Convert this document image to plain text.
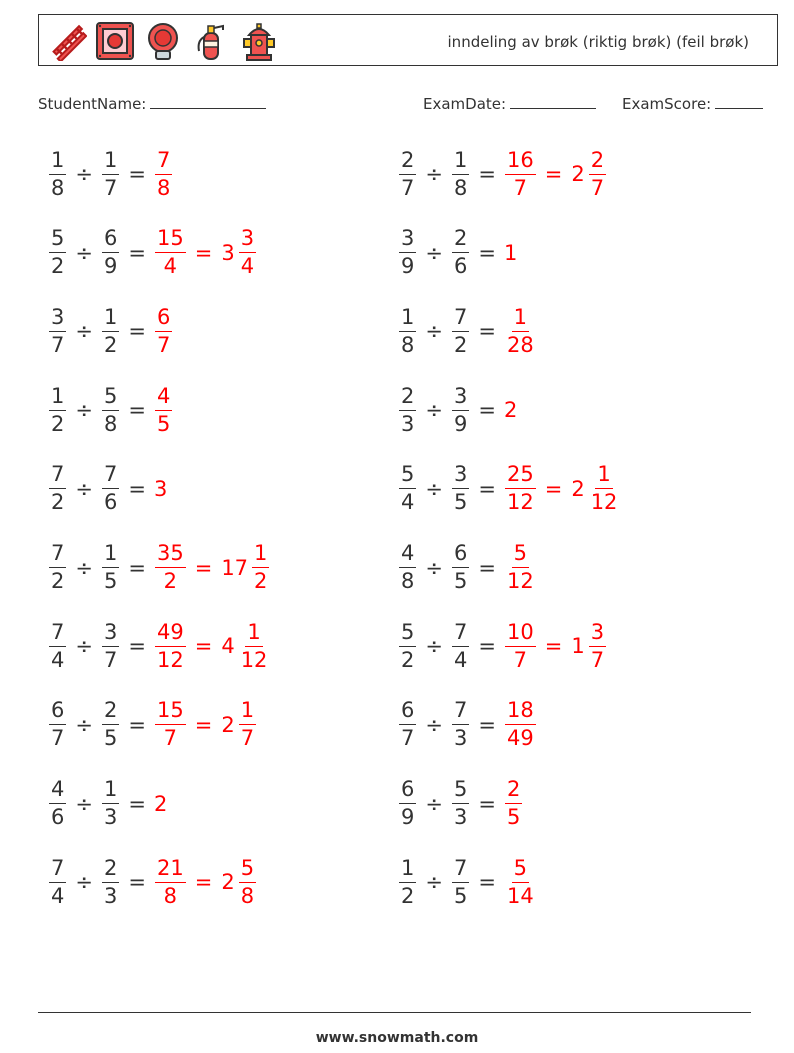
inndeling av brøk (riktig brøk) (feil brøk)
StudentName:	ExamDate:	ExamScore:
$\frac{1}{8} \div \frac{1}{7} = \frac{7}{8}$	$\frac{2}{7} \div \frac{1}{8} = \frac{16}{7} = 2 \frac{2}{7}$
$\frac{5}{2} \div \frac{6}{9} = \frac{15}{4} = 3 \frac{3}{4}$	$\frac{3}{9} \div \frac{2}{6} = 1$
$\frac{3}{7} \div \frac{1}{2} = \frac{6}{7}$	$\frac{1}{8} \div \frac{7}{2} = \frac{1}{28}$
$\frac{1}{2} \div \frac{5}{8} = \frac{4}{5}$	$\frac{2}{3} \div \frac{3}{9} = 2$
$\frac{7}{2} \div \frac{7}{6} = 3$	$\frac{5}{4} \div \frac{3}{5} = \frac{25}{12} = 2 \frac{1}{12}$
$\frac{7}{2} \div \frac{1}{5} = \frac{35}{2} = 17 \frac{1}{2}$	$\frac{4}{8} \div \frac{6}{5} = \frac{5}{12}$
$\frac{7}{4} \div \frac{3}{7} = \frac{49}{12} = 4 \frac{1}{12}$	$\frac{5}{2} \div \frac{7}{4} = \frac{10}{7} = 1 \frac{3}{7}$
$\frac{6}{7} \div \frac{2}{5} = \frac{15}{7} = 2 \frac{1}{7}$	$\frac{6}{7} \div \frac{7}{3} = \frac{18}{49}$
$\frac{4}{6} \div \frac{1}{3} = 2$	$\frac{6}{9} \div \frac{5}{3} = \frac{2}{5}$
$\frac{7}{4} \div \frac{2}{3} = \frac{21}{8} = 2 \frac{5}{8}$	$\frac{1}{2} \div \frac{7}{5} = \frac{5}{14}$
www.snowmath.com
